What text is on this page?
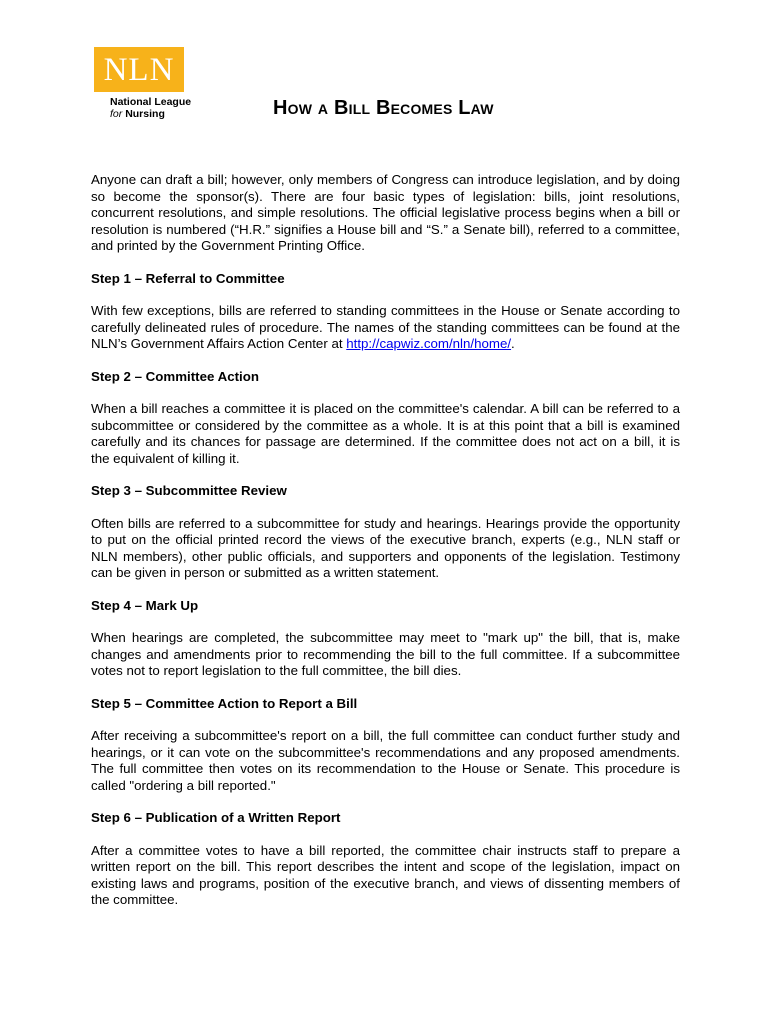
NLN
National League
for Nursing	How a Bill Becomes Law

Anyone can draft a bill; however, only members of Congress can introduce legislation, and by doing so become the sponsor(s). There are four basic types of legislation: bills, joint resolutions, concurrent resolutions, and simple resolutions. The official legislative process begins when a bill or resolution is numbered (“H.R.” signifies a House bill and “S.” a Senate bill), referred to a committee, and printed by the Government Printing Office.

Step 1 – Referral to Committee

With few exceptions, bills are referred to standing committees in the House or Senate according to carefully delineated rules of procedure. The names of the standing committees can be found at the NLN’s Government Affairs Action Center at http://capwiz.com/nln/home/.

Step 2 – Committee Action

When a bill reaches a committee it is placed on the committee's calendar. A bill can be referred to a subcommittee or considered by the committee as a whole. It is at this point that a bill is examined carefully and its chances for passage are determined. If the committee does not act on a bill, it is the equivalent of killing it.

Step 3 – Subcommittee Review

Often bills are referred to a subcommittee for study and hearings. Hearings provide the opportunity to put on the official printed record the views of the executive branch, experts (e.g., NLN staff or NLN members), other public officials, and supporters and opponents of the legislation. Testimony can be given in person or submitted as a written statement.

Step 4 – Mark Up

When hearings are completed, the subcommittee may meet to "mark up" the bill, that is, make changes and amendments prior to recommending the bill to the full committee. If a subcommittee votes not to report legislation to the full committee, the bill dies.

Step 5 – Committee Action to Report a Bill

After receiving a subcommittee's report on a bill, the full committee can conduct further study and hearings, or it can vote on the subcommittee's recommendations and any proposed amendments. The full committee then votes on its recommendation to the House or Senate. This procedure is called "ordering a bill reported."

Step 6 – Publication of a Written Report

After a committee votes to have a bill reported, the committee chair instructs staff to prepare a written report on the bill. This report describes the intent and scope of the legislation, impact on existing laws and programs, position of the executive branch, and views of dissenting members of the committee.
